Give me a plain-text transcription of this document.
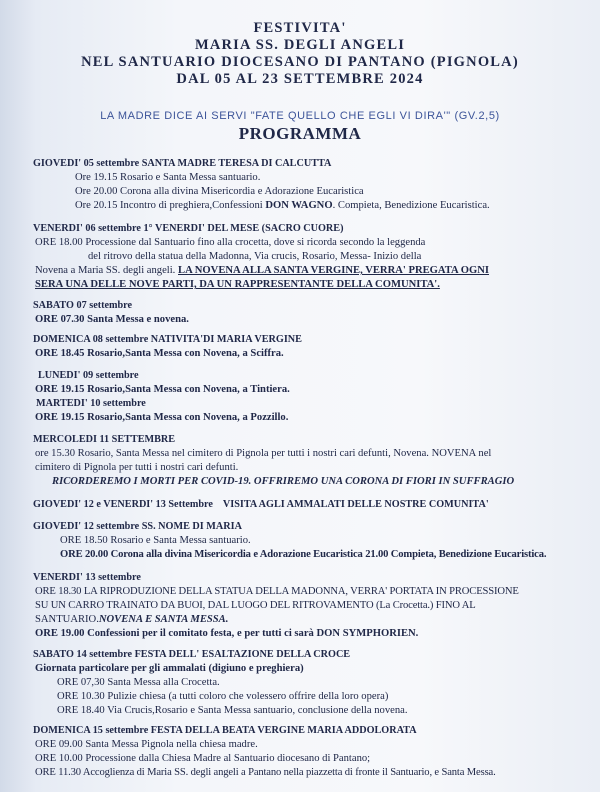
FESTIVITA'
MARIA SS. DEGLI ANGELI
NEL SANTUARIO DIOCESANO DI PANTANO (PIGNOLA)
DAL 05 AL 23 SETTEMBRE 2024
LA MADRE DICE AI SERVI "FATE QUELLO CHE EGLI VI DIRA'" (GV.2,5)
PROGRAMMA
GIOVEDI' 05 settembre SANTA MADRE TERESA DI CALCUTTA
Ore 19.15 Rosario e Santa Messa santuario.
Ore 20.00 Corona alla divina Misericordia e Adorazione Eucaristica
Ore 20.15 Incontro di preghiera,Confessioni DON WAGNO. Compieta, Benedizione Eucaristica.
VENERDI' 06 settembre 1° VENERDI' DEL MESE (SACRO CUORE)
ORE 18.00 Processione dal Santuario fino alla crocetta, dove si ricorda secondo la leggenda
del ritrovo della statua della Madonna, Via crucis, Rosario, Messa- Inizio della
Novena a Maria SS. degli angeli. LA NOVENA ALLA SANTA VERGINE, VERRA' PREGATA OGNI
SERA UNA DELLE NOVE PARTI, DA UN RAPPRESENTANTE DELLA COMUNITA'.
SABATO 07 settembre
ORE 07.30 Santa Messa e novena.
DOMENICA 08 settembre NATIVITA'DI MARIA VERGINE
ORE 18.45 Rosario,Santa Messa con Novena, a Sciffra.
LUNEDI' 09 settembre
ORE 19.15 Rosario,Santa Messa con Novena, a Tintiera.
MARTEDI' 10 settembre
ORE 19.15 Rosario,Santa Messa con Novena, a Pozzillo.
MERCOLEDI 11 SETTEMBRE
ore 15.30 Rosario, Santa Messa nel cimitero di Pignola per tutti i nostri cari defunti, Novena. NOVENA nel
cimitero di Pignola per tutti i nostri cari defunti.
RICORDEREMO I MORTI PER COVID-19. OFFRIREMO UNA CORONA DI FIORI IN SUFFRAGIO
GIOVEDI' 12 e VENERDI' 13 Settembre VISITA AGLI AMMALATI DELLE NOSTRE COMUNITA'
GIOVEDI' 12 settembre SS. NOME DI MARIA
ORE 18.50 Rosario e Santa Messa santuario.
ORE 20.00 Corona alla divina Misericordia e Adorazione Eucaristica 21.00 Compieta, Benedizione Eucaristica.
VENERDI' 13 settembre
ORE 18.30 LA RIPRODUZIONE DELLA STATUA DELLA MADONNA, VERRA' PORTATA IN PROCESSIONE
SU UN CARRO TRAINATO DA BUOI, DAL LUOGO DEL RITROVAMENTO (La Crocetta.) FINO AL
SANTUARIO.NOVENA E SANTA MESSA.
ORE 19.00 Confessioni per il comitato festa, e per tutti ci sarà DON SYMPHORIEN.
SABATO 14 settembre FESTA DELL' ESALTAZIONE DELLA CROCE
Giornata particolare per gli ammalati (digiuno e preghiera)
ORE 07,30 Santa Messa alla Crocetta.
ORE 10.30 Pulizie chiesa (a tutti coloro che volessero offrire della loro opera)
ORE 18.40 Via Crucis,Rosario e Santa Messa santuario, conclusione della novena.
DOMENICA 15 settembre FESTA DELLA BEATA VERGINE MARIA ADDOLORATA
ORE 09.00 Santa Messa Pignola nella chiesa madre.
ORE 10.00 Processione dalla Chiesa Madre al Santuario diocesano di Pantano;
ORE 11.30 Accoglienza di Maria SS. degli angeli a Pantano nella piazzetta di fronte il Santuario, e Santa Messa.
